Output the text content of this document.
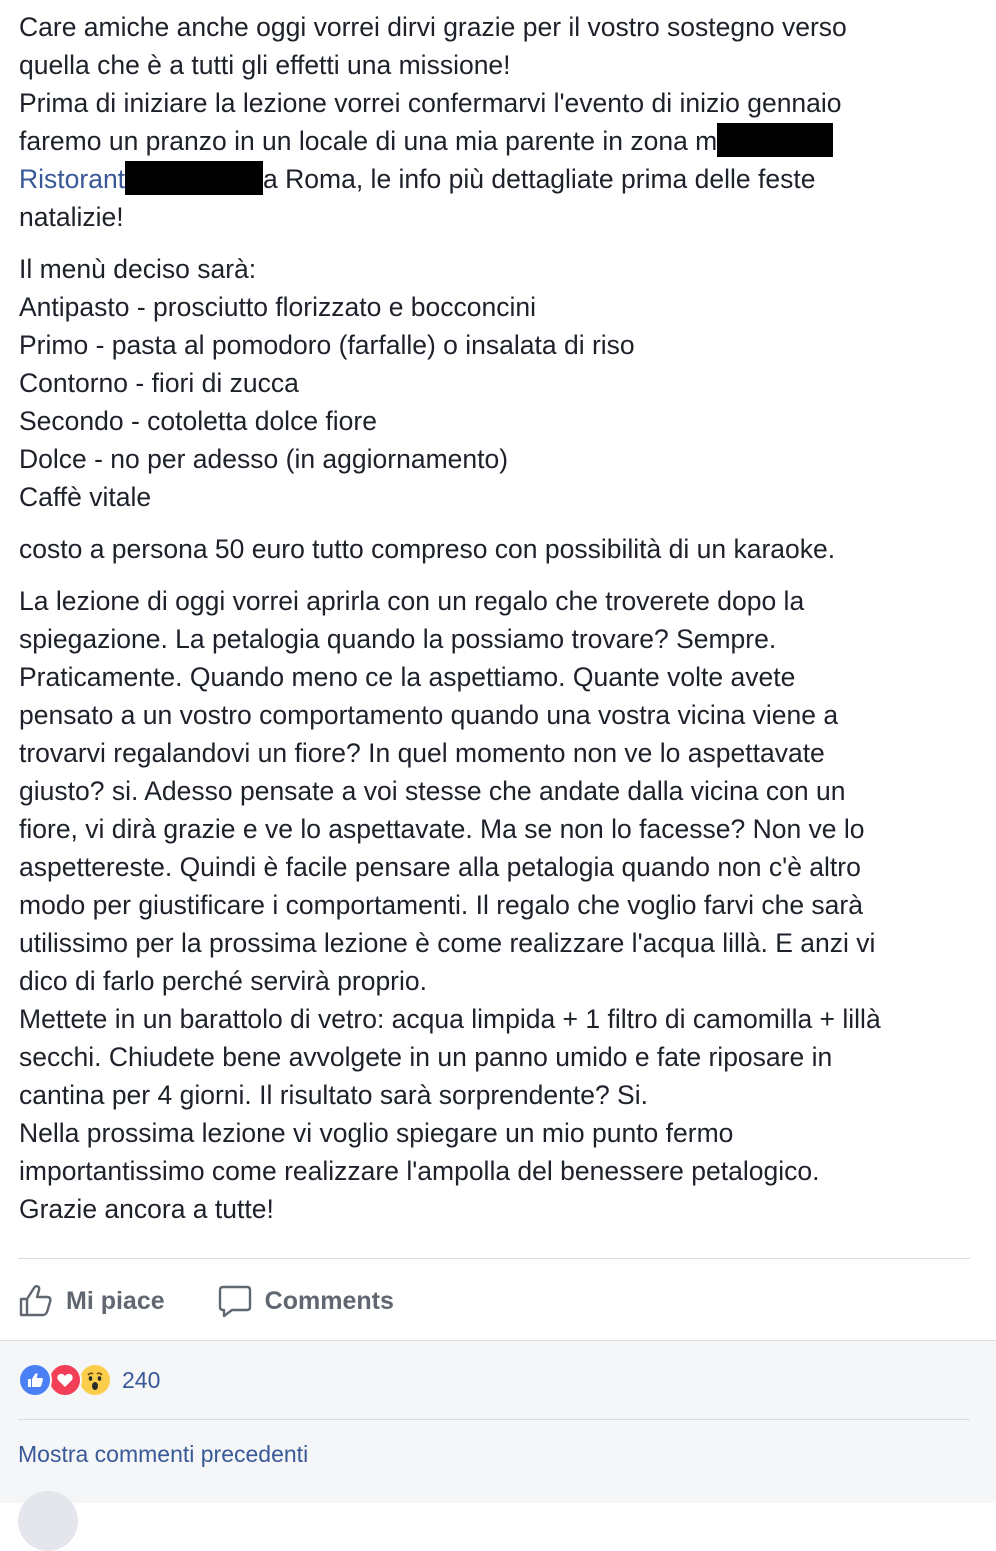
Care amiche anche oggi vorrei dirvi grazie per il vostro sostegno verso
quella che è a tutti gli effetti una missione!
Prima di iniziare la lezione vorrei confermarvi l'evento di inizio gennaio
faremo un pranzo in un locale di una mia parente in zona m
Ristorant	a Roma, le info più dettagliate prima delle feste
natalizie!

Il menù deciso sarà:
Antipasto - prosciutto florizzato e bocconcini
Primo - pasta al pomodoro (farfalle) o insalata di riso
Contorno - fiori di zucca
Secondo - cotoletta dolce fiore
Dolce - no per adesso (in aggiornamento)
Caffè vitale

costo a persona 50 euro tutto compreso con possibilità di un karaoke.

La lezione di oggi vorrei aprirla con un regalo che troverete dopo la
spiegazione. La petalogia quando la possiamo trovare? Sempre.
Praticamente. Quando meno ce la aspettiamo. Quante volte avete
pensato a un vostro comportamento quando una vostra vicina viene a
trovarvi regalandovi un fiore? In quel momento non ve lo aspettavate
giusto? si. Adesso pensate a voi stesse che andate dalla vicina con un
fiore, vi dirà grazie e ve lo aspettavate. Ma se non lo facesse? Non ve lo
aspettereste. Quindi è facile pensare alla petalogia quando non c'è altro
modo per giustificare i comportamenti. Il regalo che voglio farvi che sarà
utilissimo per la prossima lezione è come realizzare l'acqua lillà. E anzi vi
dico di farlo perché servirà proprio.
Mettete in un barattolo di vetro: acqua limpida + 1 filtro di camomilla + lillà
secchi. Chiudete bene avvolgete in un panno umido e fate riposare in
cantina per 4 giorni. Il risultato sarà sorprendente? Si.
Nella prossima lezione vi voglio spiegare un mio punto fermo
importantissimo come realizzare l'ampolla del benessere petalogico.
Grazie ancora a tutte!

Mi piace	Comments
240
Mostra commenti precedenti
